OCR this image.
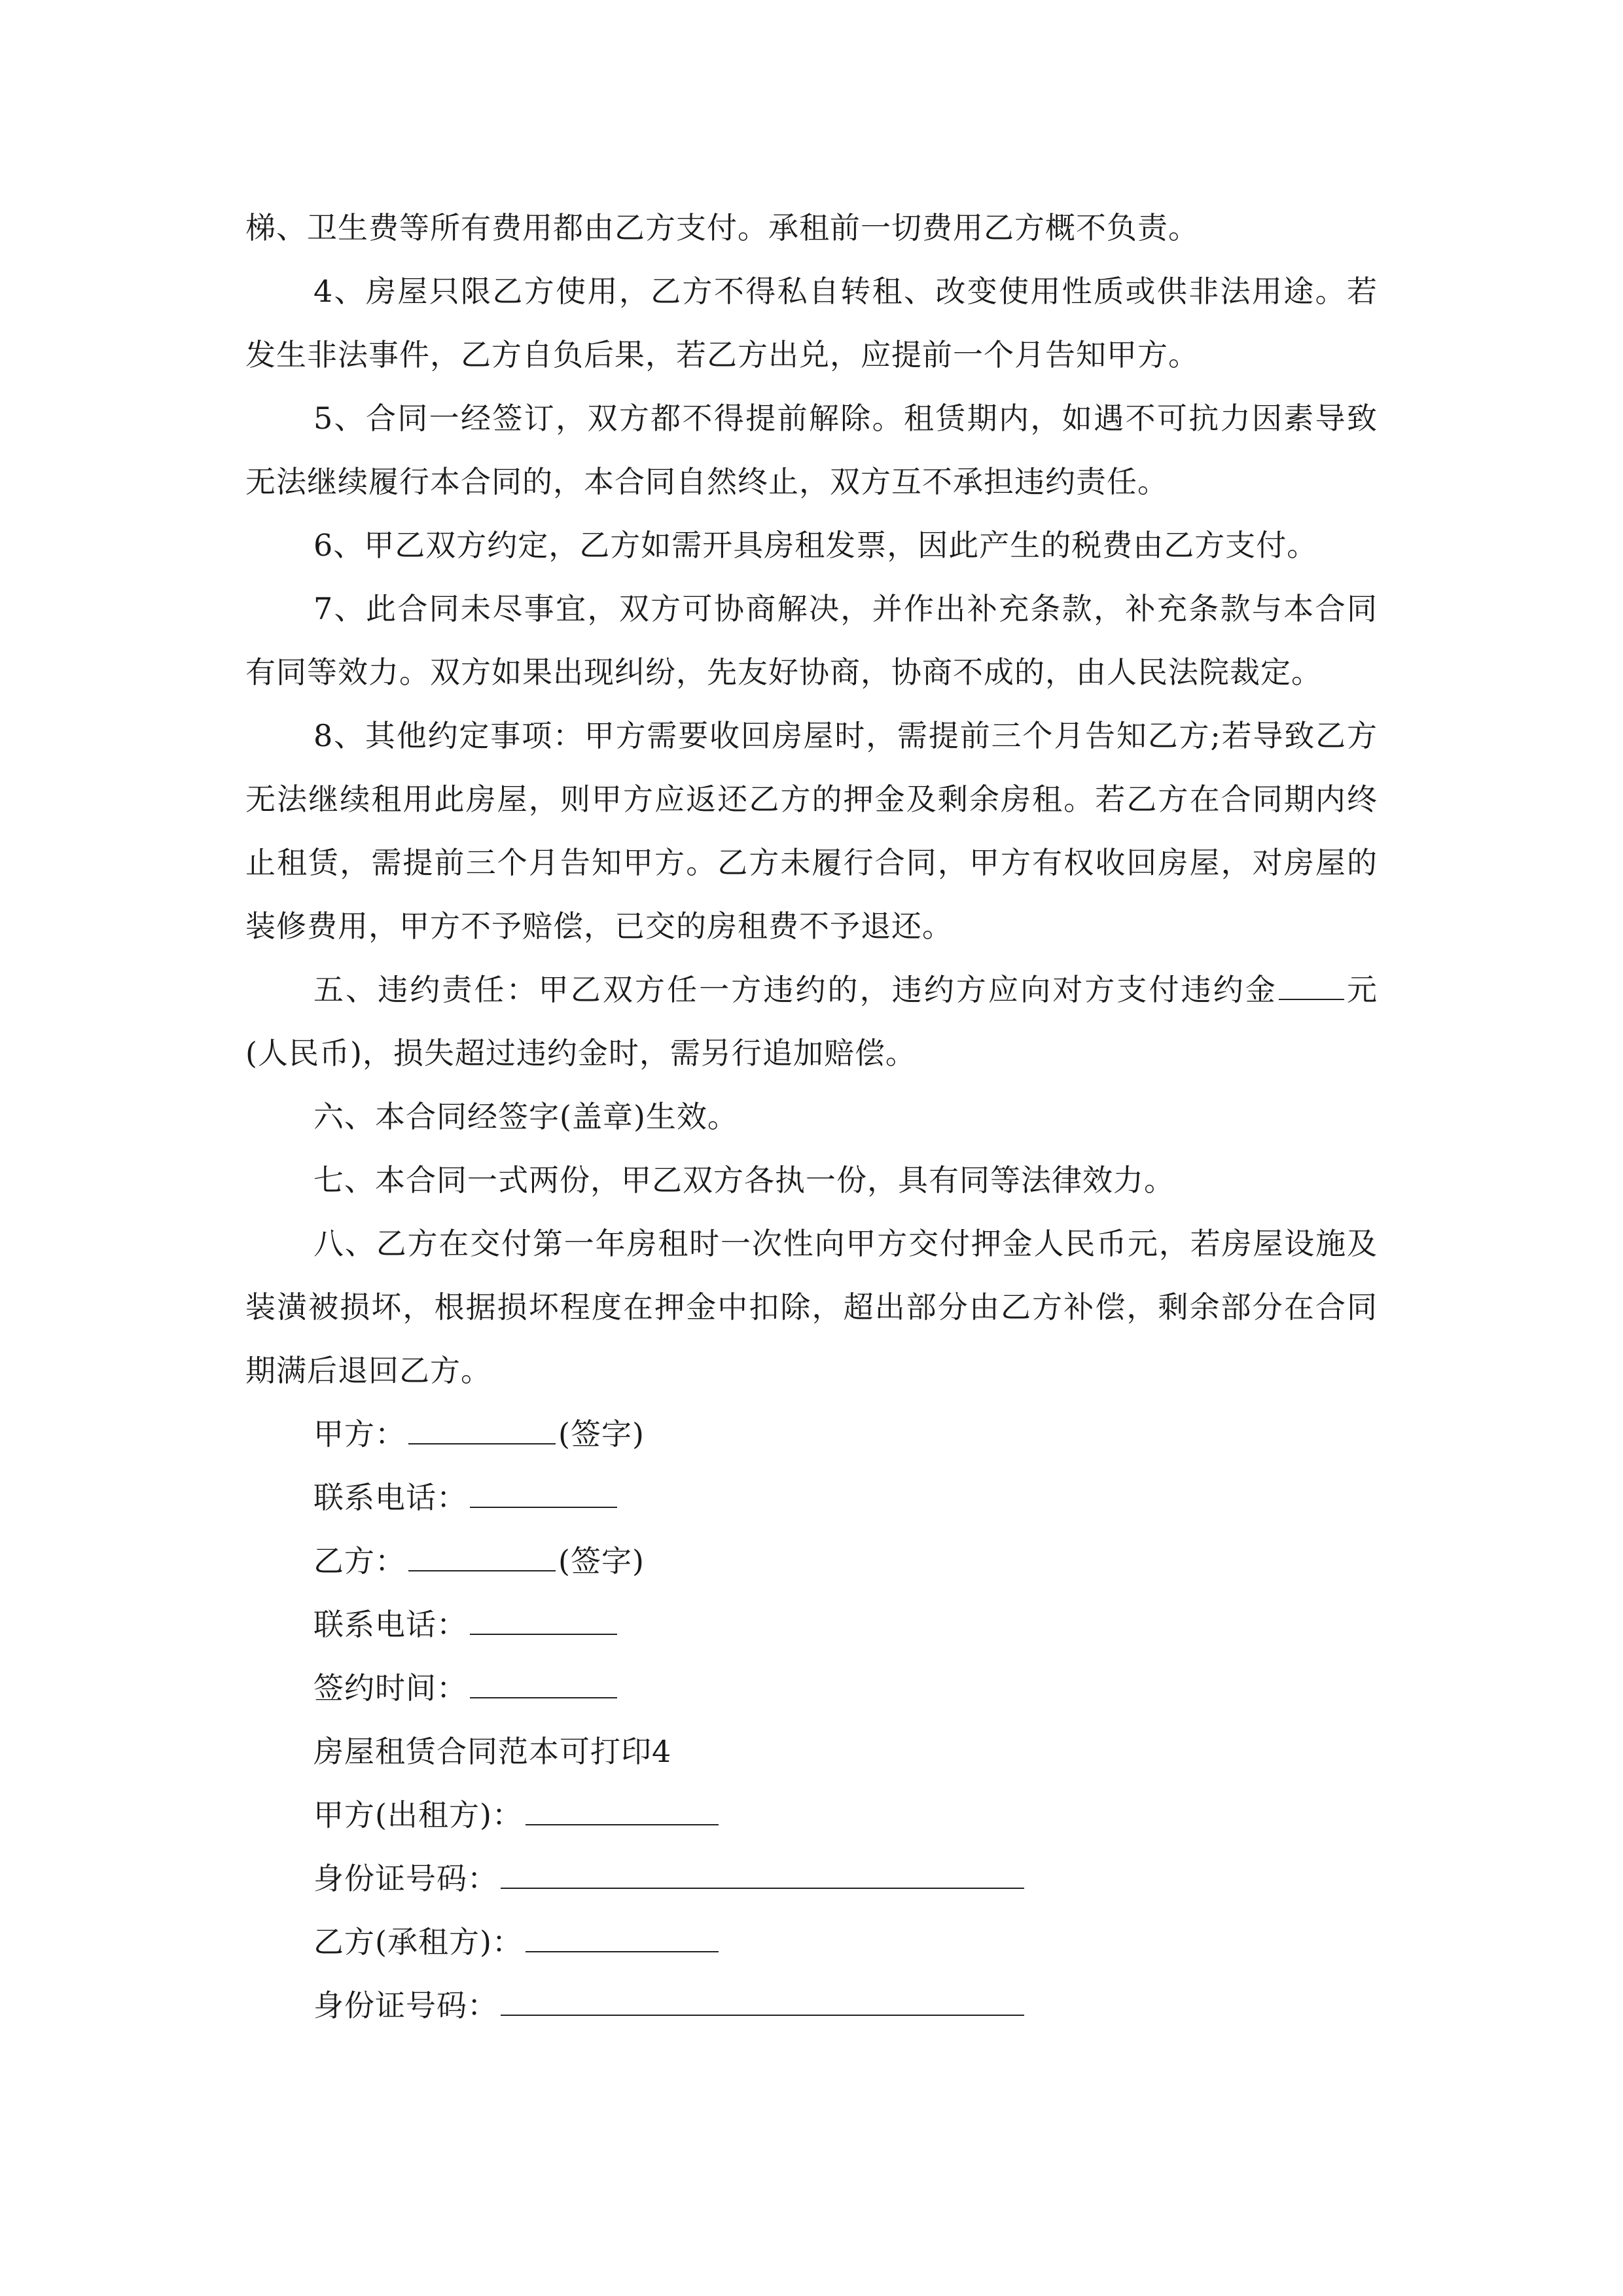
梯、卫生费等所有费用都由乙方支付。承租前一切费用乙方概不负责。

4、房屋只限乙方使用，乙方不得私自转租、改变使用性质或供非法用途。若发生非法事件，乙方自负后果，若乙方出兑，应提前一个月告知甲方。

5、合同一经签订，双方都不得提前解除。租赁期内，如遇不可抗力因素导致无法继续履行本合同的，本合同自然终止，双方互不承担违约责任。

6、甲乙双方约定，乙方如需开具房租发票，因此产生的税费由乙方支付。

7、此合同未尽事宜，双方可协商解决，并作出补充条款，补充条款与本合同有同等效力。双方如果出现纠纷，先友好协商，协商不成的，由人民法院裁定。

8、其他约定事项：甲方需要收回房屋时，需提前三个月告知乙方;若导致乙方无法继续租用此房屋，则甲方应返还乙方的押金及剩余房租。若乙方在合同期内终止租赁，需提前三个月告知甲方。乙方未履行合同，甲方有权收回房屋，对房屋的装修费用，甲方不予赔偿，已交的房租费不予退还。

五、违约责任：甲乙双方任一方违约的，违约方应向对方支付违约金 元(人民币)，损失超过违约金时，需另行追加赔偿。

六、本合同经签字(盖章)生效。

七、本合同一式两份，甲乙双方各执一份，具有同等法律效力。

八、乙方在交付第一年房租时一次性向甲方交付押金人民币元，若房屋设施及装潢被损坏，根据损坏程度在押金中扣除，超出部分由乙方补偿，剩余部分在合同期满后退回乙方。

甲方：	(签字)

联系电话：

乙方：	(签字)

联系电话：

签约时间：

房屋租赁合同范本可打印4

甲方(出租方)：

身份证号码：

乙方(承租方)：

身份证号码：
